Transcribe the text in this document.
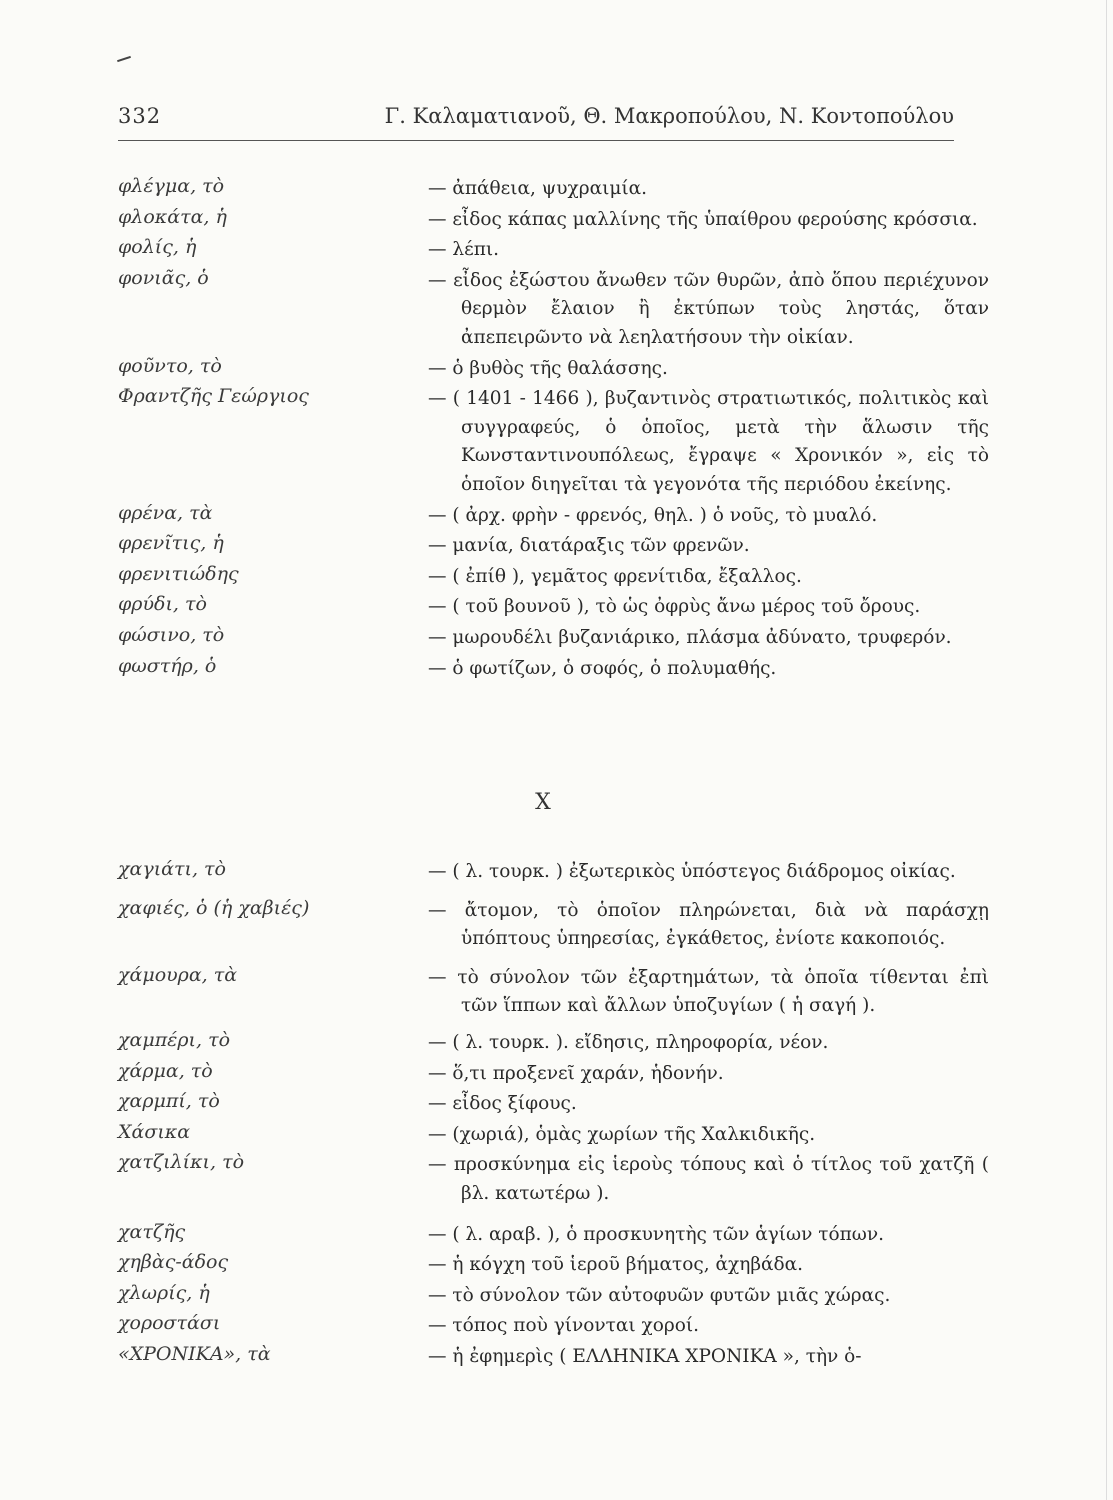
332	Γ. Καλαματιανοῦ, Θ. Μακροπούλου, Ν. Κοντοπούλου
φλέγμα, τὸ	— ἀπάθεια, ψυχραιμία.
φλοκάτα, ἡ	— εἶδος κάπας μαλλίνης τῆς ὑπαίθρου φερούσης κρόσσια.
φολίς, ἡ	— λέπι.
φονιᾶς, ὁ	— εἶδος ἐξώστου ἄνωθεν τῶν θυρῶν, ἀπὸ ὅπου περιέχυνον θερμὸν ἔλαιον ἢ ἐκτύπων τοὺς ληστάς, ὅταν ἀπεπειρῶντο νὰ λεηλατήσουν τὴν οἰκίαν.
φοῦντο, τὸ	— ὁ βυθὸς τῆς θαλάσσης.
Φραντζῆς Γεώργιος	— ( 1401 - 1466 ), βυζαντινὸς στρατιωτικός, πολιτικὸς καὶ συγγραφεύς, ὁ ὁποῖος, μετὰ τὴν ἅλωσιν τῆς Κωνσταντινουπόλεως, ἔγραψε « Χρονικόν », εἰς τὸ ὁποῖον διηγεῖται τὰ γεγονότα τῆς περιόδου ἐκείνης.
φρένα, τὰ	— ( ἀρχ. φρὴν - φρενός, θηλ. ) ὁ νοῦς, τὸ μυαλό.
φρενῖτις, ἡ	— μανία, διατάραξις τῶν φρενῶν.
φρενιτιώδης	— ( ἐπίθ ), γεμᾶτος φρενίτιδα, ἔξαλλος.
φρύδι, τὸ	— ( τοῦ βουνοῦ ), τὸ ὡς ὀφρὺς ἄνω μέρος τοῦ ὄρους.
φώσινο, τὸ	— μωρουδέλι βυζανιάρικο, πλάσμα ἀδύνατο, τρυφερόν.
φωστήρ, ὁ	— ὁ φωτίζων, ὁ σοφός, ὁ πολυμαθής.
Χ
χαγιάτι, τὸ	— ( λ. τουρκ. ) ἐξωτερικὸς ὑπόστεγος διάδρομος οἰκίας.
χαφιές, ὁ (ἡ χαβιές)	— ἄτομον, τὸ ὁποῖον πληρώνεται, διὰ νὰ παράσχῃ ὑπόπτους ὑπηρεσίας, ἐγκάθετος, ἐνίοτε κακοποιός.
χάμουρα, τὰ	— τὸ σύνολον τῶν ἐξαρτημάτων, τὰ ὁποῖα τίθενται ἐπὶ τῶν ἵππων καὶ ἄλλων ὑποζυγίων ( ἡ σαγή ).
χαμπέρι, τὸ	— ( λ. τουρκ. ). εἴδησις, πληροφορία, νέον.
χάρμα, τὸ	— ὅ,τι προξενεῖ χαράν, ἡδονήν.
χαρμπί, τὸ	— εἶδος ξίφους.
Χάσικα	— (χωριά), ὁμὰς χωρίων τῆς Χαλκιδικῆς.
χατζιλίκι, τὸ	— προσκύνημα εἰς ἱεροὺς τόπους καὶ ὁ τίτλος τοῦ χατζῆ ( βλ. κατωτέρω ).
χατζῆς	— ( λ. αραβ. ), ὁ προσκυνητὴς τῶν ἁγίων τόπων.
χηβὰς-άδος	— ἡ κόγχη τοῦ ἱεροῦ βήματος, ἀχηβάδα.
χλωρίς, ἡ	— τὸ σύνολον τῶν αὐτοφυῶν φυτῶν μιᾶς χώρας.
χοροστάσι	— τόπος ποὺ γίνονται χοροί.
«ΧΡΟΝΙΚΑ», τὰ	— ἡ ἐφημερὶς ( ΕΛΛΗΝΙΚΑ ΧΡΟΝΙΚΑ », τὴν ὁ-
